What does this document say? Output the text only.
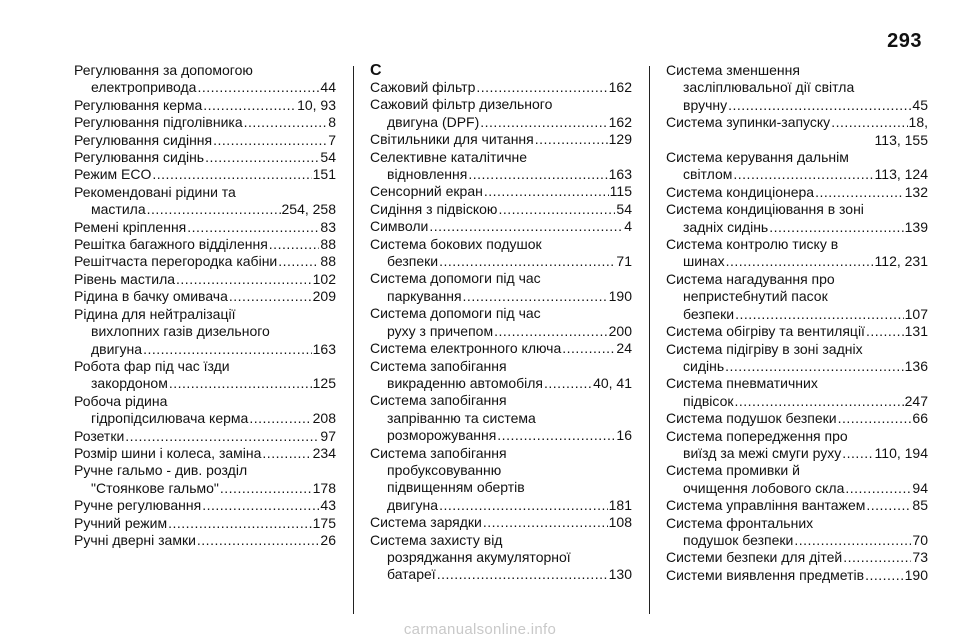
293
Регулювання за допомогою
електропривода .....	44
Регулювання керма .....	10, 93
Регулювання підголівника .....	8
Регулювання сидіння .....	7
Регулювання сидінь .....	54
Режим ECO .....	151
Рекомендовані рідини та
мастила .....	254, 258
Ремені кріплення .....	83
Решітка багажного відділення .....	88
Решітчаста перегородка кабіни .....	88
Рівень мастила .....	102
Рідина в бачку омивача .....	209
Рідина для нейтралізації
вихлопних газів дизельного
двигуна .....	163
Робота фар під час їзди
закордоном .....	125
Робоча рідина
гідропідсилювача керма .....	208
Розетки .....	97
Розмір шини і колеса, заміна .....	234
Ручне гальмо - див. розділ
"Стоянкове гальмо" .....	178
Ручне регулювання .....	43
Ручний режим .....	175
Ручні дверні замки .....	26
С
Сажовий фільтр .....	162
Сажовий фільтр дизельного
двигуна (DPF) .....	162
Світильники для читання .....	129
Селективне каталітичне
відновлення .....	163
Сенсорний екран .....	115
Сидіння з підвіскою .....	54
Символи .....	4
Система бокових подушок
безпеки .....	71
Система допомоги під час
паркування .....	190
Система допомоги під час
руху з причепом .....	200
Система електронного ключа .....	24
Система запобігання
викраденню автомобіля .....	40, 41
Система запобігання
запріванню та система
розморожування .....	16
Система запобігання
пробуксовуванню
підвищенням обертів
двигуна .....	181
Система зарядки .....	108
Система захисту від
розряджання акумуляторної
батареї .....	130
Система зменшення
засліплювальної дії світла
вручну .....	45
Система зупинки-запуску .....	18,
113, 155
Система керування дальнім
світлом .....	113, 124
Система кондиціонера .....	132
Система кондиціювання в зоні
задніх сидінь .....	139
Система контролю тиску в
шинах .....	112, 231
Система нагадування про
непристебнутий пасок
безпеки .....	107
Система обігріву та вентиляції .....	131
Система підігріву в зоні задніх
сидінь .....	136
Система пневматичних
підвісок .....	247
Система подушок безпеки .....	66
Система попередження про
виїзд за межі смуги руху ..... 110, 194
Система промивки й
очищення лобового скла .....	94
Система управління вантажем .....	85
Система фронтальних
подушок безпеки .....	70
Системи безпеки для дітей .....	73
Системи виявлення предметів .....	190
carmanualsonline.info
